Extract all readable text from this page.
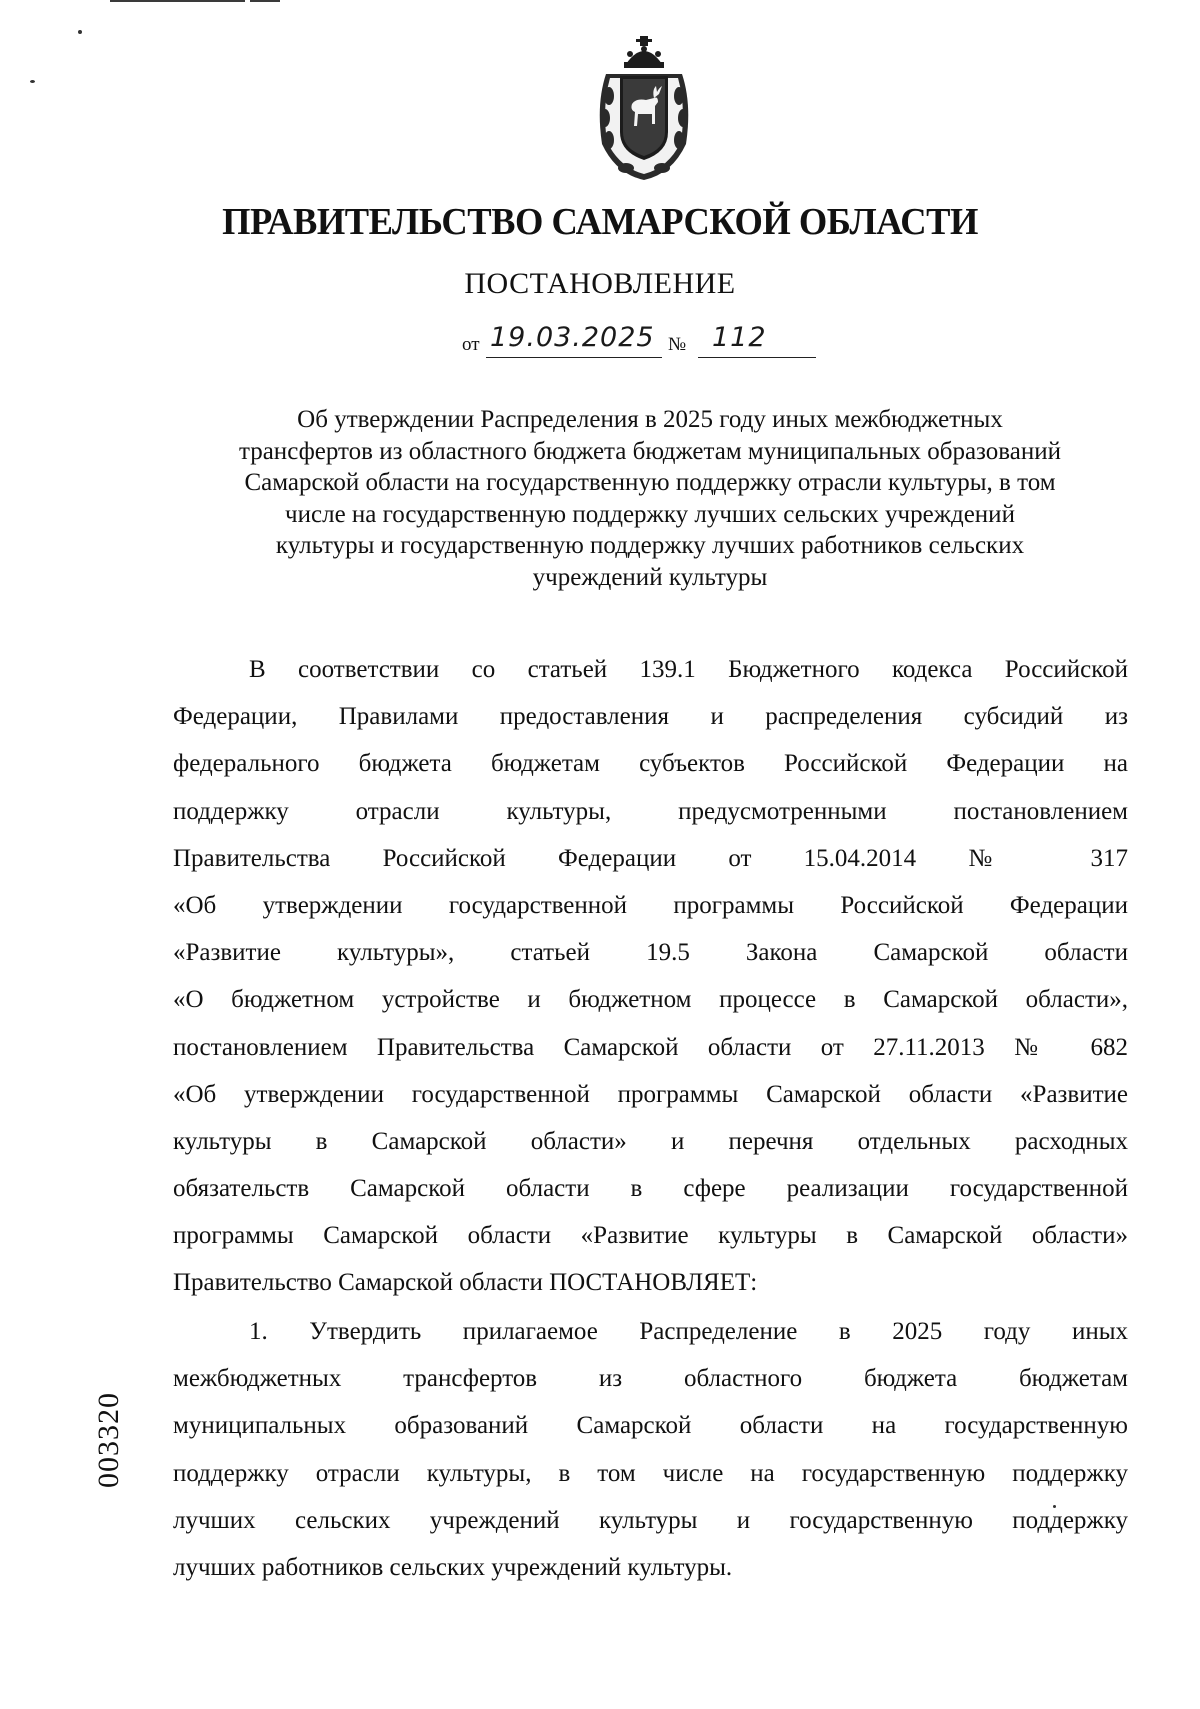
ПРАВИТЕЛЬСТВО САМАРСКОЙ ОБЛАСТИ
ПОСТАНОВЛЕНИЕ
от 19.03.2025 № 112
Об утверждении Распределения в 2025 году иных межбюджетных
трансфертов из областного бюджета бюджетам муниципальных образований
Самарской области на государственную поддержку отрасли культуры, в том
числе на государственную поддержку лучших сельских учреждений
культуры и государственную поддержку лучших работников сельских
учреждений культуры
В соответствии со статьей 139.1 Бюджетного кодекса Российской
Федерации, Правилами предоставления и распределения субсидий из
федерального бюджета бюджетам субъектов Российской Федерации на
поддержку отрасли культуры, предусмотренными постановлением
Правительства Российской Федерации от 15.04.2014 № 317
«Об утверждении государственной программы Российской Федерации
«Развитие культуры», статьей 19.5 Закона Самарской области
«О бюджетном устройстве и бюджетном процессе в Самарской области»,
постановлением Правительства Самарской области от 27.11.2013 № 682
«Об утверждении государственной программы Самарской области «Развитие
культуры в Самарской области» и перечня отдельных расходных
обязательств Самарской области в сфере реализации государственной
программы Самарской области «Развитие культуры в Самарской области»
Правительство Самарской области ПОСТАНОВЛЯЕТ:
1. Утвердить прилагаемое Распределение в 2025 году иных
межбюджетных трансфертов из областного бюджета бюджетам
муниципальных образований Самарской области на государственную
поддержку отрасли культуры, в том числе на государственную поддержку
лучших сельских учреждений культуры и государственную поддержку
лучших работников сельских учреждений культуры.
003320
